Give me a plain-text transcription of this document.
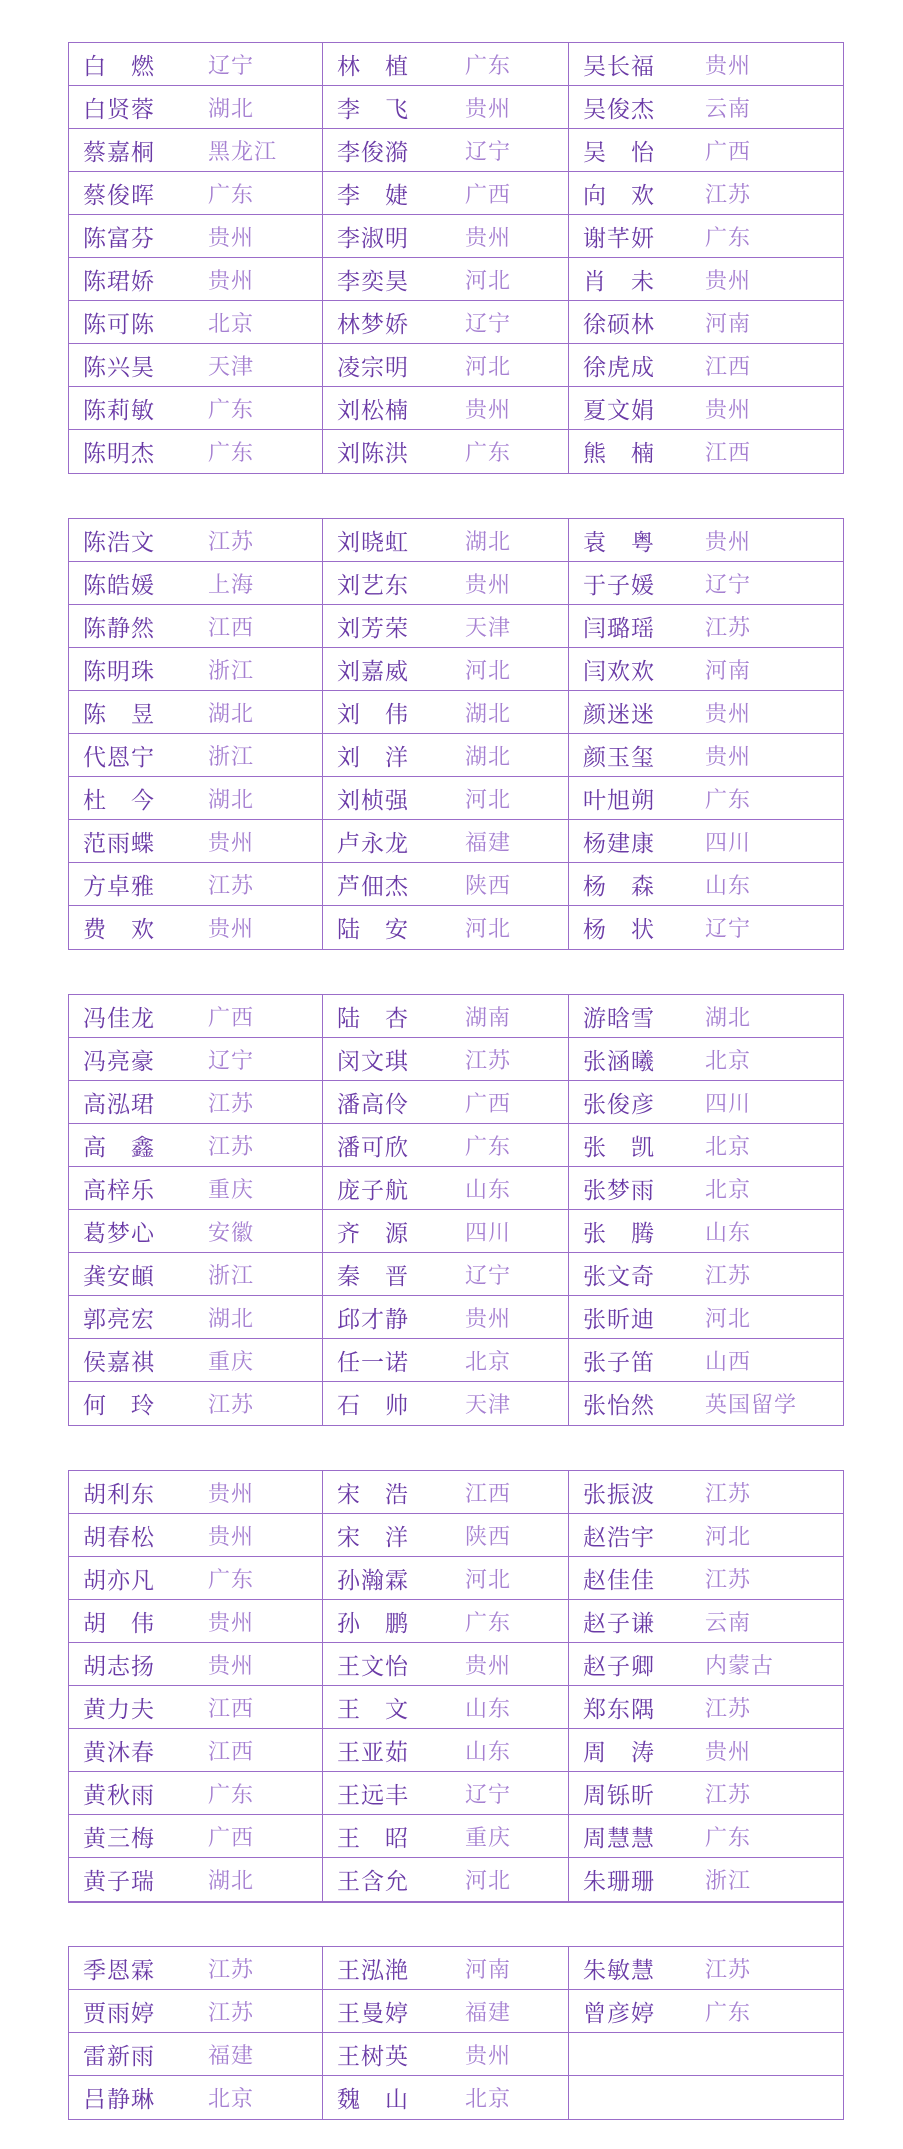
白　燃	辽宁	林　植	广东	吴长福	贵州
白贤蓉	湖北	李　飞	贵州	吴俊杰	云南
蔡嘉桐	黑龙江	李俊漪	辽宁	吴　怡	广西
蔡俊晖	广东	李　婕	广西	向　欢	江苏
陈富芬	贵州	李淑明	贵州	谢芊妍	广东
陈珺娇	贵州	李奕昊	河北	肖　未	贵州
陈可陈	北京	林梦娇	辽宁	徐硕林	河南
陈兴昊	天津	凌宗明	河北	徐虎成	江西
陈莉敏	广东	刘松楠	贵州	夏文娟	贵州
陈明杰	广东	刘陈洪	广东	熊　楠	江西
陈浩文	江苏	刘晓虹	湖北	袁　粤	贵州
陈皓媛	上海	刘艺东	贵州	于子媛	辽宁
陈静然	江西	刘芳荣	天津	闫璐瑶	江苏
陈明珠	浙江	刘嘉威	河北	闫欢欢	河南
陈　昱	湖北	刘　伟	湖北	颜迷迷	贵州
代恩宁	浙江	刘　洋	湖北	颜玉玺	贵州
杜　今	湖北	刘桢强	河北	叶旭朔	广东
范雨蝶	贵州	卢永龙	福建	杨建康	四川
方卓雅	江苏	芦佃杰	陕西	杨　森	山东
费　欢	贵州	陆　安	河北	杨　状	辽宁
冯佳龙	广西	陆　杏	湖南	游晗雪	湖北
冯亮豪	辽宁	闵文琪	江苏	张涵曦	北京
高泓珺	江苏	潘高伶	广西	张俊彦	四川
高　鑫	江苏	潘可欣	广东	张　凯	北京
高梓乐	重庆	庞子航	山东	张梦雨	北京
葛梦心	安徽	齐　源	四川	张　腾	山东
龚安頔	浙江	秦　晋	辽宁	张文奇	江苏
郭亮宏	湖北	邱才静	贵州	张昕迪	河北
侯嘉祺	重庆	任一诺	北京	张子笛	山西
何　玲	江苏	石　帅	天津	张怡然	英国留学
胡利东	贵州	宋　浩	江西	张振波	江苏
胡春松	贵州	宋　洋	陕西	赵浩宇	河北
胡亦凡	广东	孙瀚霖	河北	赵佳佳	江苏
胡　伟	贵州	孙　鹏	广东	赵子谦	云南
胡志扬	贵州	王文怡	贵州	赵子卿	内蒙古
黄力夫	江西	王　文	山东	郑东隅	江苏
黄沐春	江西	王亚茹	山东	周　涛	贵州
黄秋雨	广东	王远丰	辽宁	周铄昕	江苏
黄三梅	广西	王　昭	重庆	周慧慧	广东
黄子瑞	湖北	王含允	河北	朱珊珊	浙江
季恩霖	江苏	王泓滟	河南	朱敏慧	江苏
贾雨婷	江苏	王曼婷	福建	曾彦婷	广东
雷新雨	福建	王树英	贵州
吕静琳	北京	魏　山	北京
